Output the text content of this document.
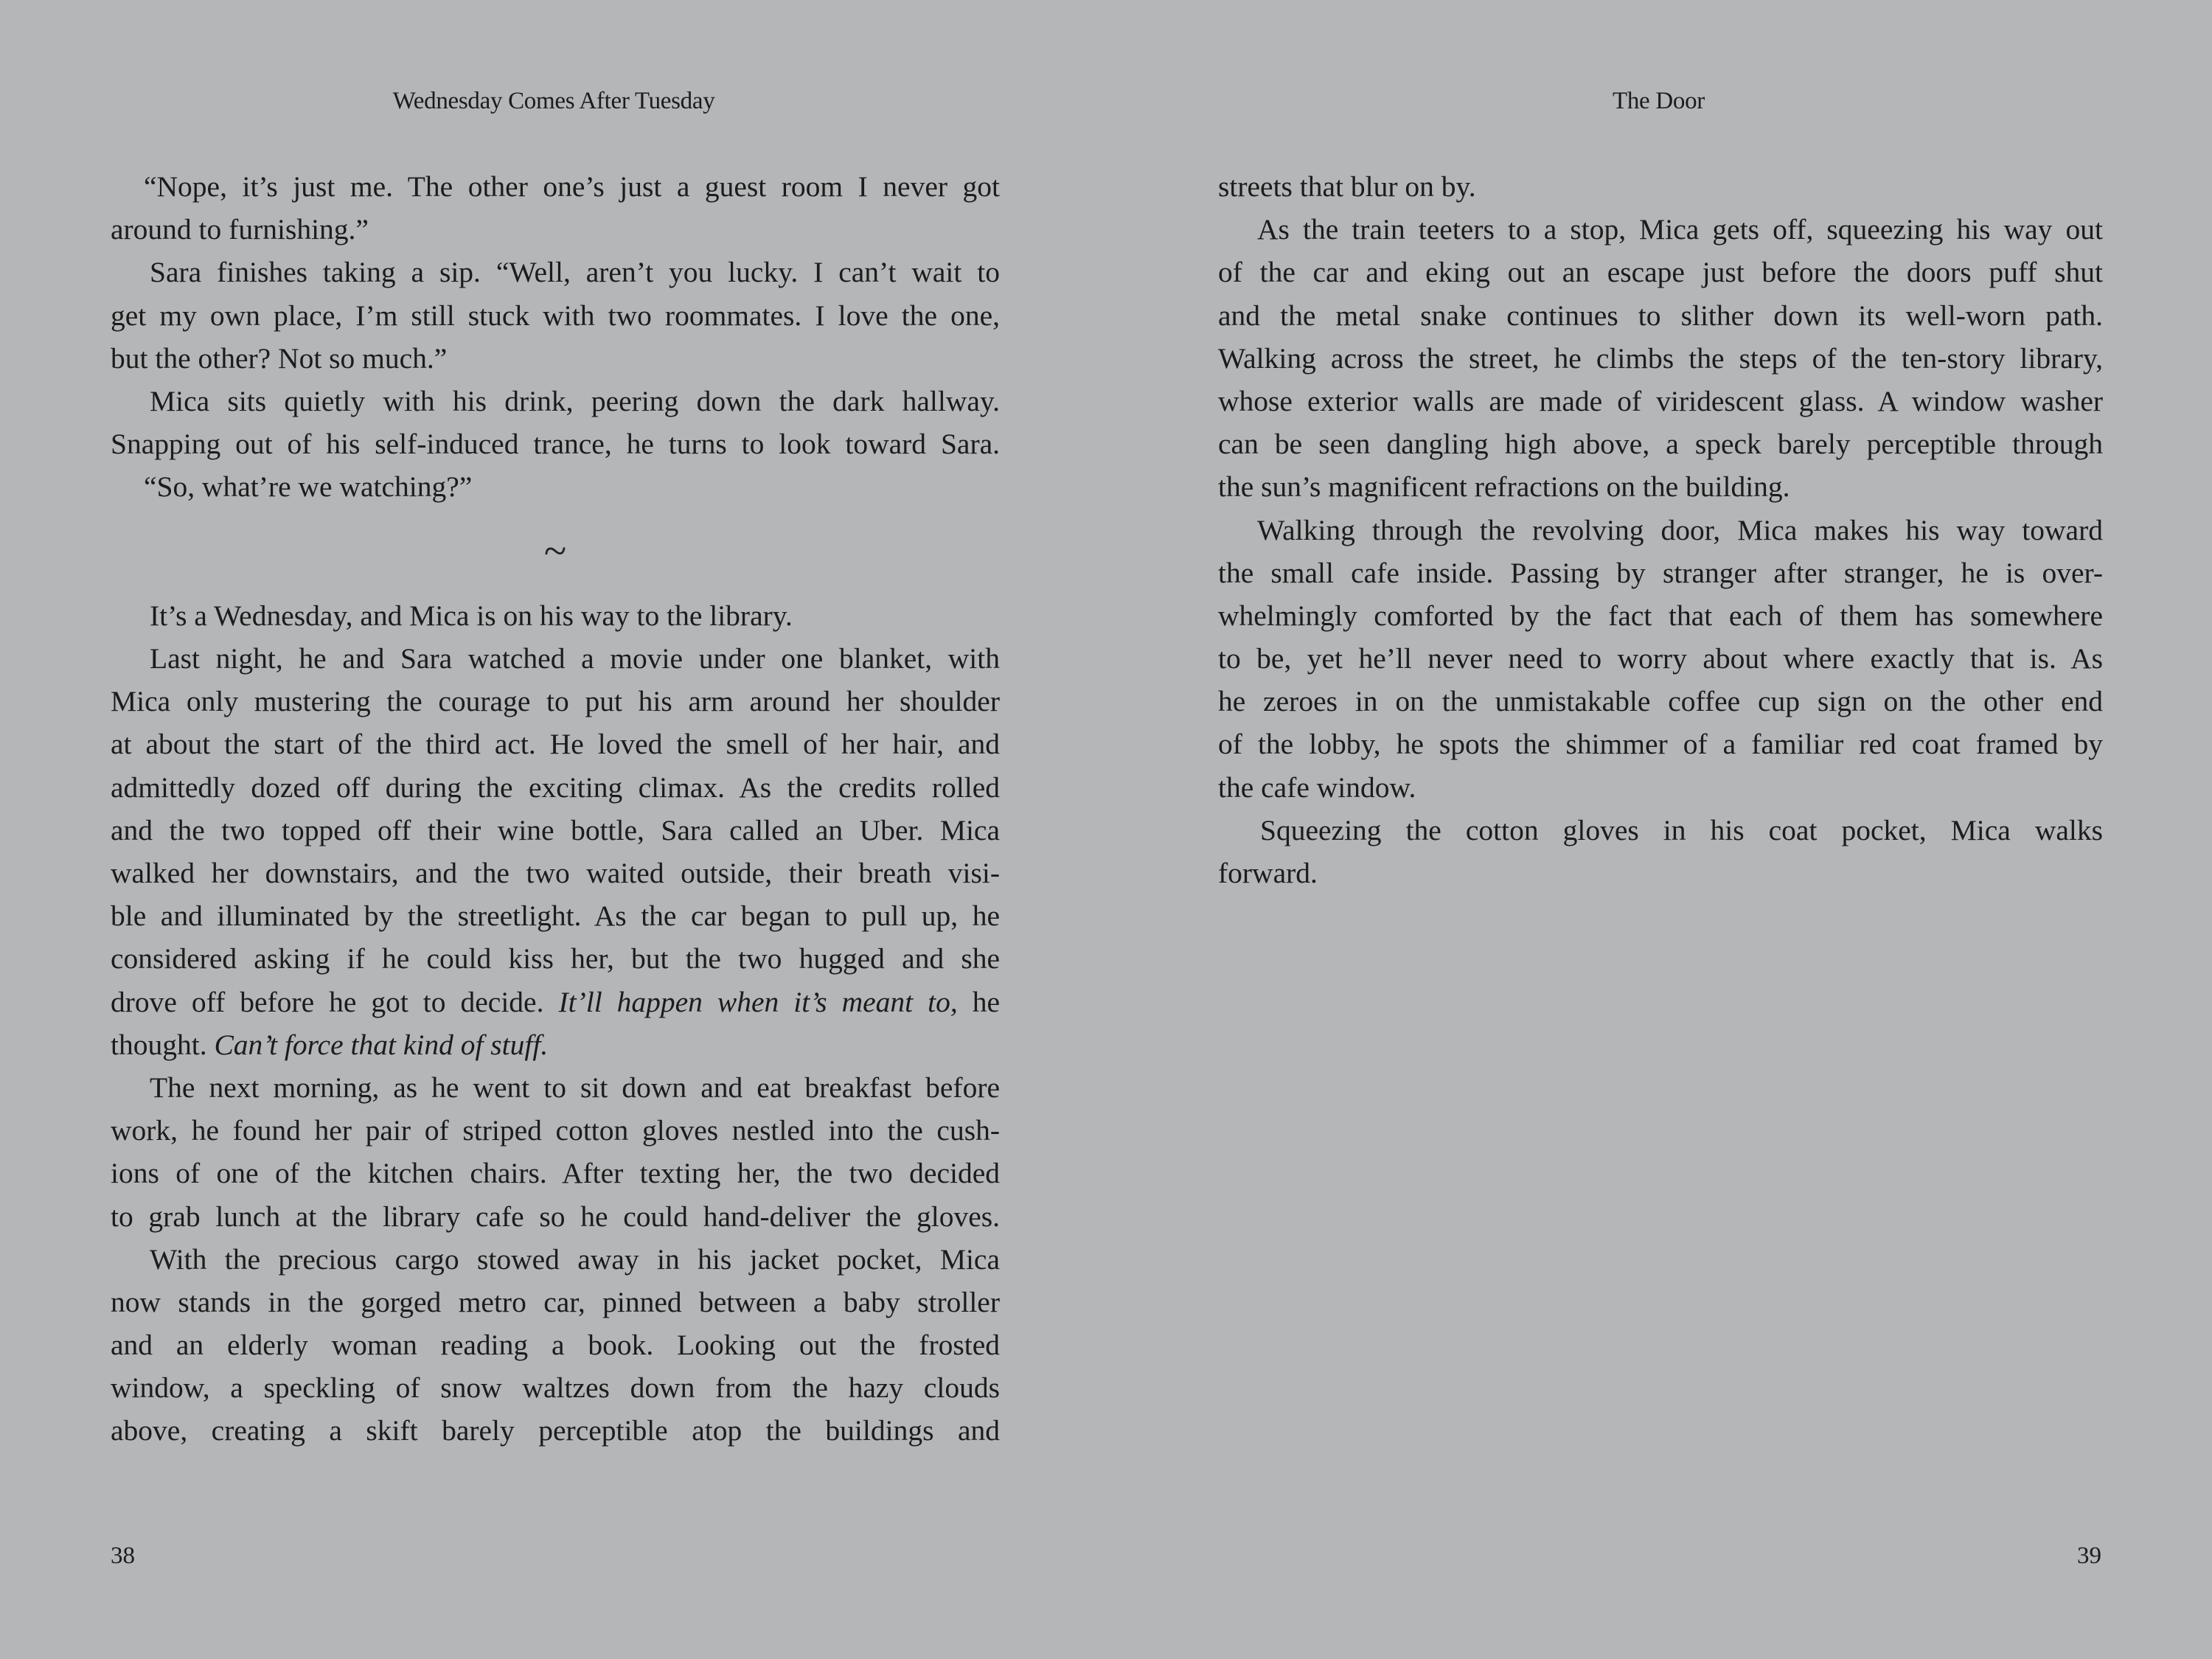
Wednesday Comes After Tuesday
“Nope, it’s just me. The other one’s just a guest room I never got
around to furnishing.”
Sara finishes taking a sip. “Well, aren’t you lucky. I can’t wait to
get my own place, I’m still stuck with two roommates. I love the one,
but the other? Not so much.”
Mica sits quietly with his drink, peering down the dark hallway.
Snapping out of his self-induced trance, he turns to look toward Sara.
“So, what’re we watching?”
~
It’s a Wednesday, and Mica is on his way to the library.
Last night, he and Sara watched a movie under one blanket, with
Mica only mustering the courage to put his arm around her shoulder
at about the start of the third act. He loved the smell of her hair, and
admittedly dozed off during the exciting climax. As the credits rolled
and the two topped off their wine bottle, Sara called an Uber. Mica
walked her downstairs, and the two waited outside, their breath visi-
ble and illuminated by the streetlight. As the car began to pull up, he
considered asking if he could kiss her, but the two hugged and she
drove off before he got to decide. It’ll happen when it’s meant to, he
thought. Can’t force that kind of stuff.
The next morning, as he went to sit down and eat breakfast before
work, he found her pair of striped cotton gloves nestled into the cush-
ions of one of the kitchen chairs. After texting her, the two decided
to grab lunch at the library cafe so he could hand-deliver the gloves.
With the precious cargo stowed away in his jacket pocket, Mica
now stands in the gorged metro car, pinned between a baby stroller
and an elderly woman reading a book. Looking out the frosted
window, a speckling of snow waltzes down from the hazy clouds
above, creating a skift barely perceptible atop the buildings and
38
The Door
streets that blur on by.
As the train teeters to a stop, Mica gets off, squeezing his way out
of the car and eking out an escape just before the doors puff shut
and the metal snake continues to slither down its well-worn path.
Walking across the street, he climbs the steps of the ten-story library,
whose exterior walls are made of viridescent glass. A window washer
can be seen dangling high above, a speck barely perceptible through
the sun’s magnificent refractions on the building.
Walking through the revolving door, Mica makes his way toward
the small cafe inside. Passing by stranger after stranger, he is over-
whelmingly comforted by the fact that each of them has somewhere
to be, yet he’ll never need to worry about where exactly that is. As
he zeroes in on the unmistakable coffee cup sign on the other end
of the lobby, he spots the shimmer of a familiar red coat framed by
the cafe window.
Squeezing the cotton gloves in his coat pocket, Mica walks
forward.
39
